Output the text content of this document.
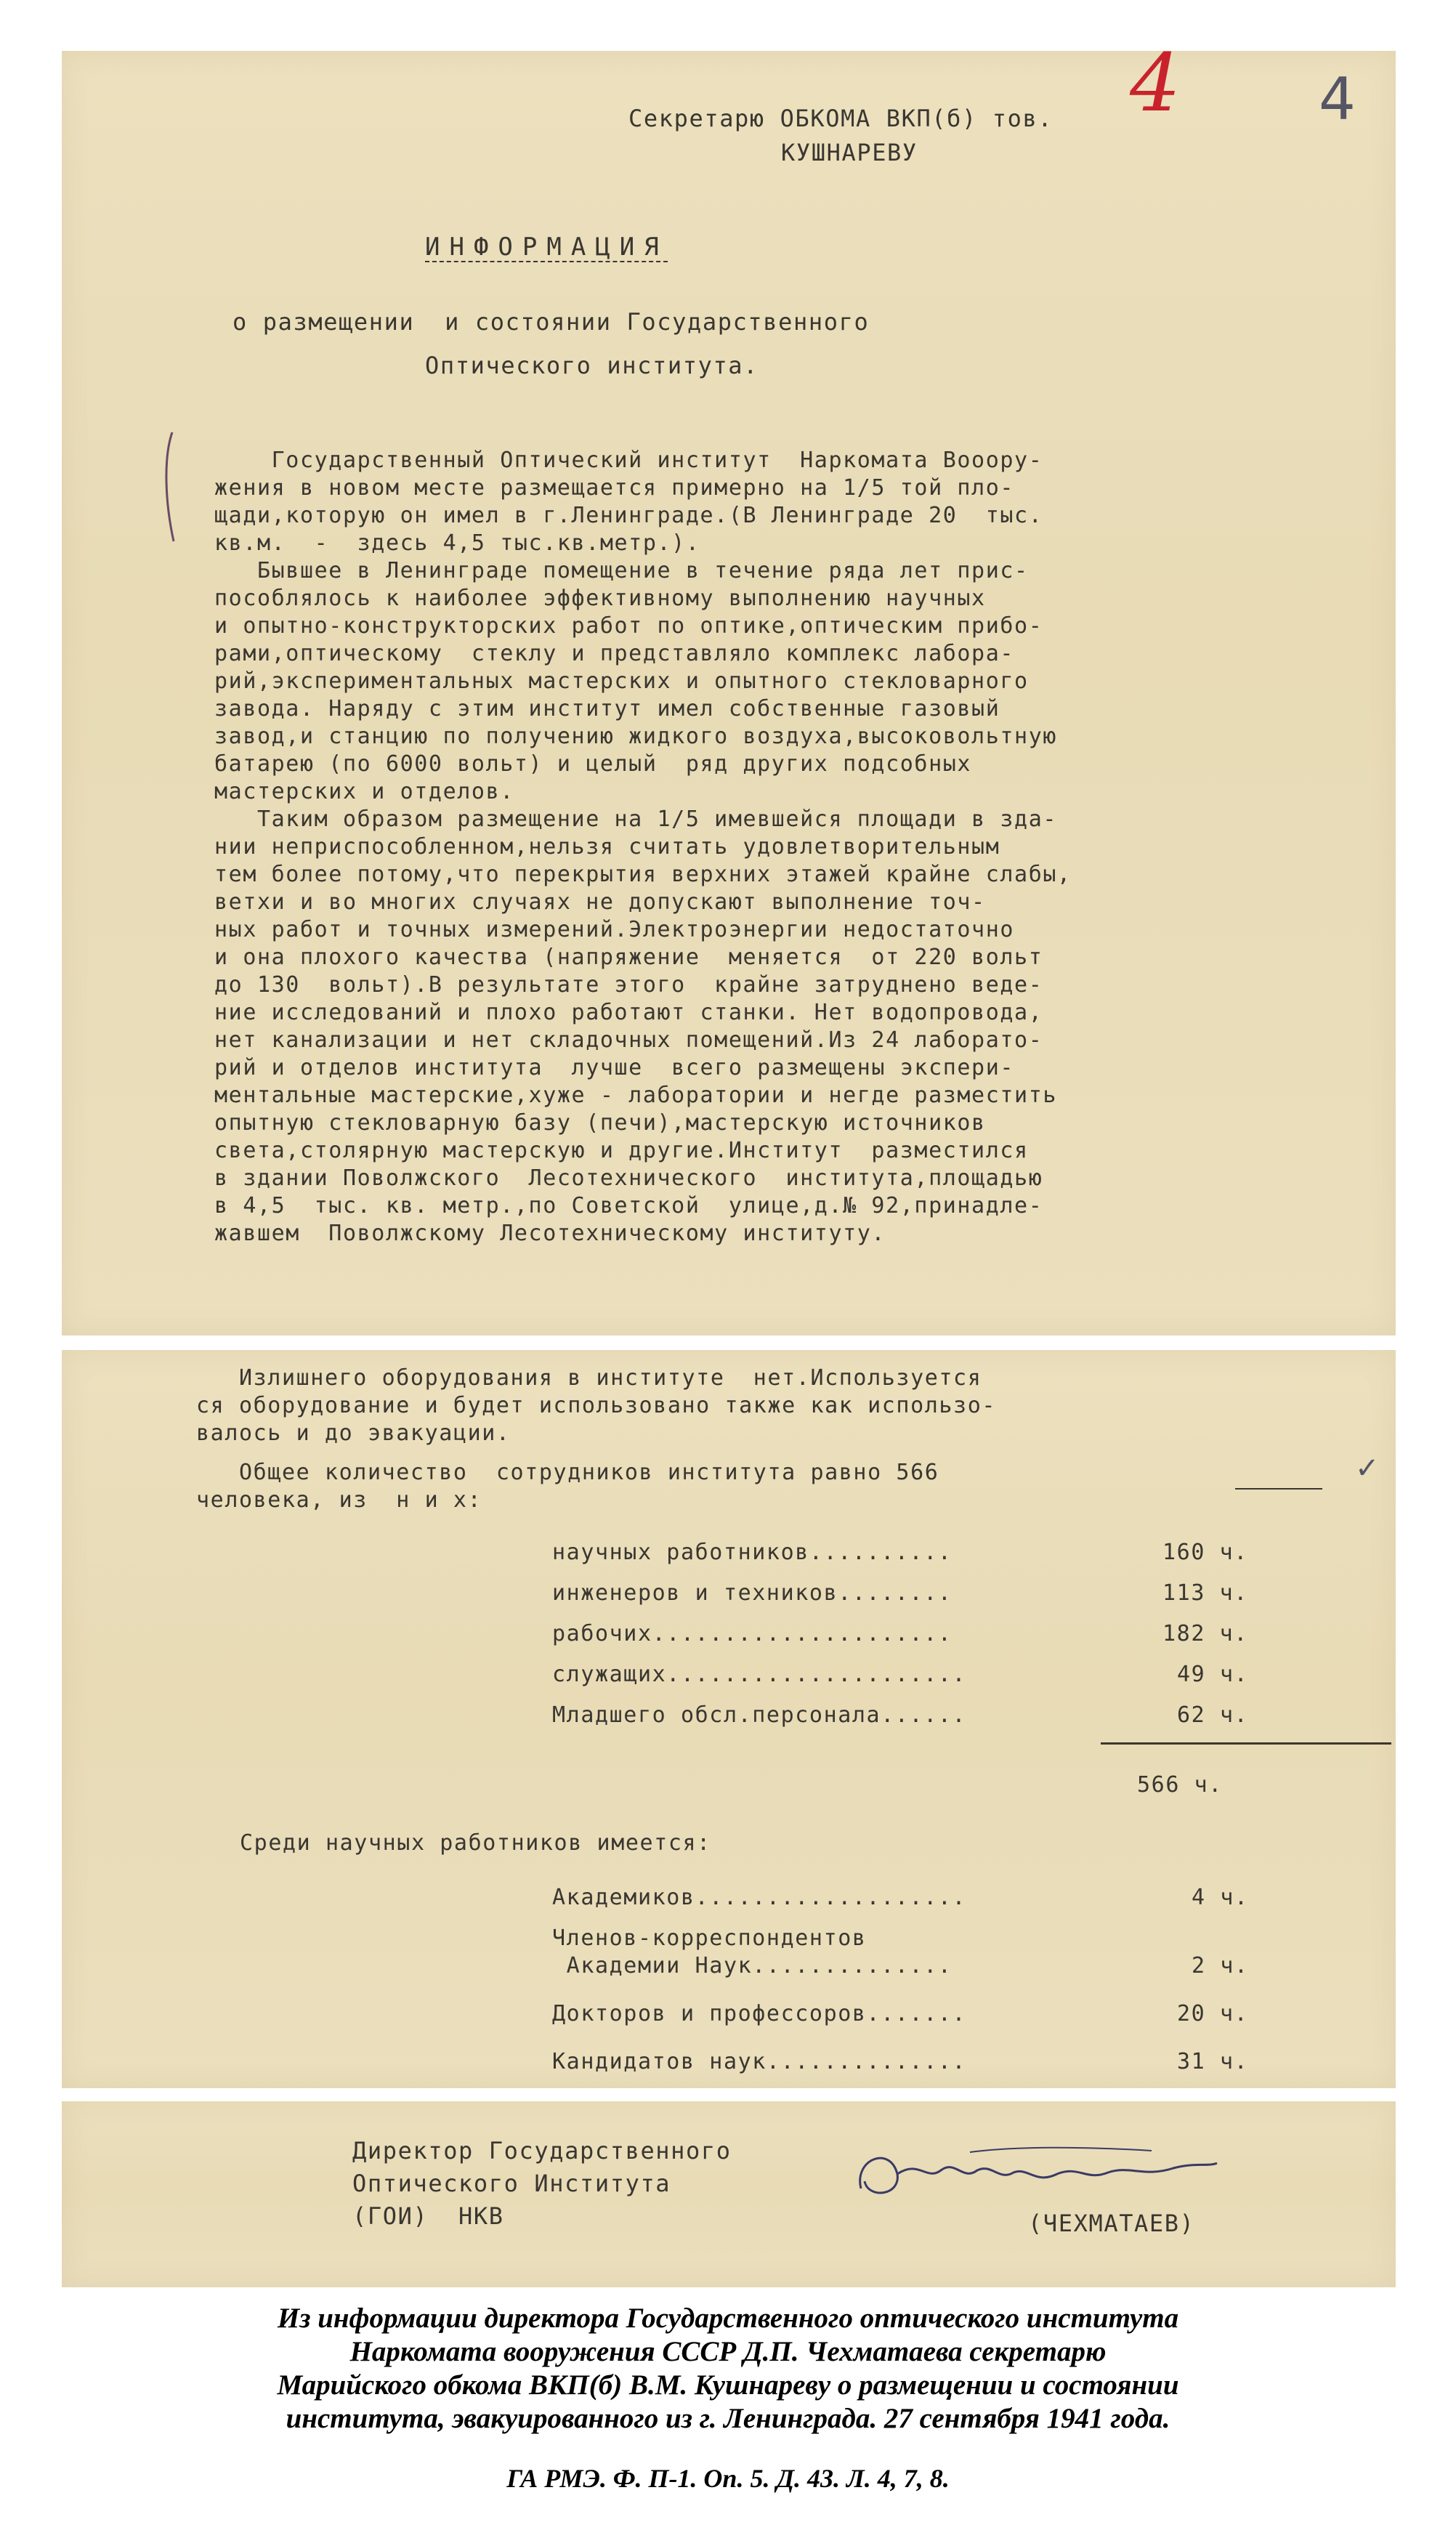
4 4

Секретарю ОБКОМА ВКП(б) тов.

КУШНАРЕВУ

ИНФОРМАЦИЯ

о размещении  и состоянии Государственного

Оптического института.

Государственный Оптический институт  Наркомата Вооору-

жения в новом месте размещается примерно на 1/5 той пло-

щади,которую он имел в г.Ленинграде.(В Ленинграде 20  тыс.

кв.м.  -  здесь 4,5 тыс.кв.метр.).

Бывшее в Ленинграде помещение в течение ряда лет прис-

пособлялось к наиболее эффективному выполнению научных

и опытно-конструкторских работ по оптике,оптическим прибо-

рами,оптическому  стеклу и представляло комплекс лабора-

рий,экспериментальных мастерских и опытного стекловарного

завода. Наряду с этим институт имел собственные газовый

завод,и станцию по получению жидкого воздуха,высоковольтную

батарею (по 6000 вольт) и целый  ряд других подсобных

мастерских и отделов.

Таким образом размещение на 1/5 имевшейся площади в зда-

нии неприспособленном,нельзя считать удовлетворительным

тем более потому,что перекрытия верхних этажей крайне слабы,

ветхи и во многих случаях не допускают выполнение точ-

ных работ и точных измерений.Электроэнергии недостаточно

и она плохого качества (напряжение  меняется  от 220 вольт

до 130  вольт).В результате этого  крайне затруднено веде-

ние исследований и плохо работают станки. Нет водопровода,

нет канализации и нет складочных помещений.Из 24 лаборато-

рий и отделов института  лучше  всего размещены экспери-

ментальные мастерские,хуже - лаборатории и негде разместить

опытную стекловарную базу (печи),мастерскую источников

света,столярную мастерскую и другие.Институт  разместился

в здании Поволжского  Лесотехнического  института,площадью

в 4,5  тыс. кв. метр.,по Советской  улице,д.№ 92,принадле-

жавшем  Поволжскому Лесотехническому институту.

Излишнего оборудования в институте  нет.Используется

ся оборудование и будет использовано также как использо-

валось и до эвакуации.

Общее количество  сотрудников института равно 566

человека, из  н и х:

✓

научных работников..........	160 ч.

инженеров и техников........	113 ч.

рабочих.....................	182 ч.

служащих.....................	49 ч.

Младшего обсл.персонала......	62 ч.

566 ч.

Среди научных работников имеется:

Академиков...................	4 ч.

Членов-корреспондентов

Академии Наук..............	2 ч.

Докторов и профессоров.......	20 ч.

Кандидатов наук..............	31 ч.

Директор Государственного

Оптического Института

(ГОИ)  НКВ	(ЧЕХМАТАЕВ)

Из информации директора Государственного оптического института

Наркомата вооружения СССР Д.П. Чехматаева секретарю

Марийского обкома ВКП(б) В.М. Кушнареву о размещении и состоянии

института, эвакуированного из г. Ленинграда. 27 сентября 1941 года.

ГА РМЭ. Ф. П-1. Оп. 5. Д. 43. Л. 4, 7, 8.
